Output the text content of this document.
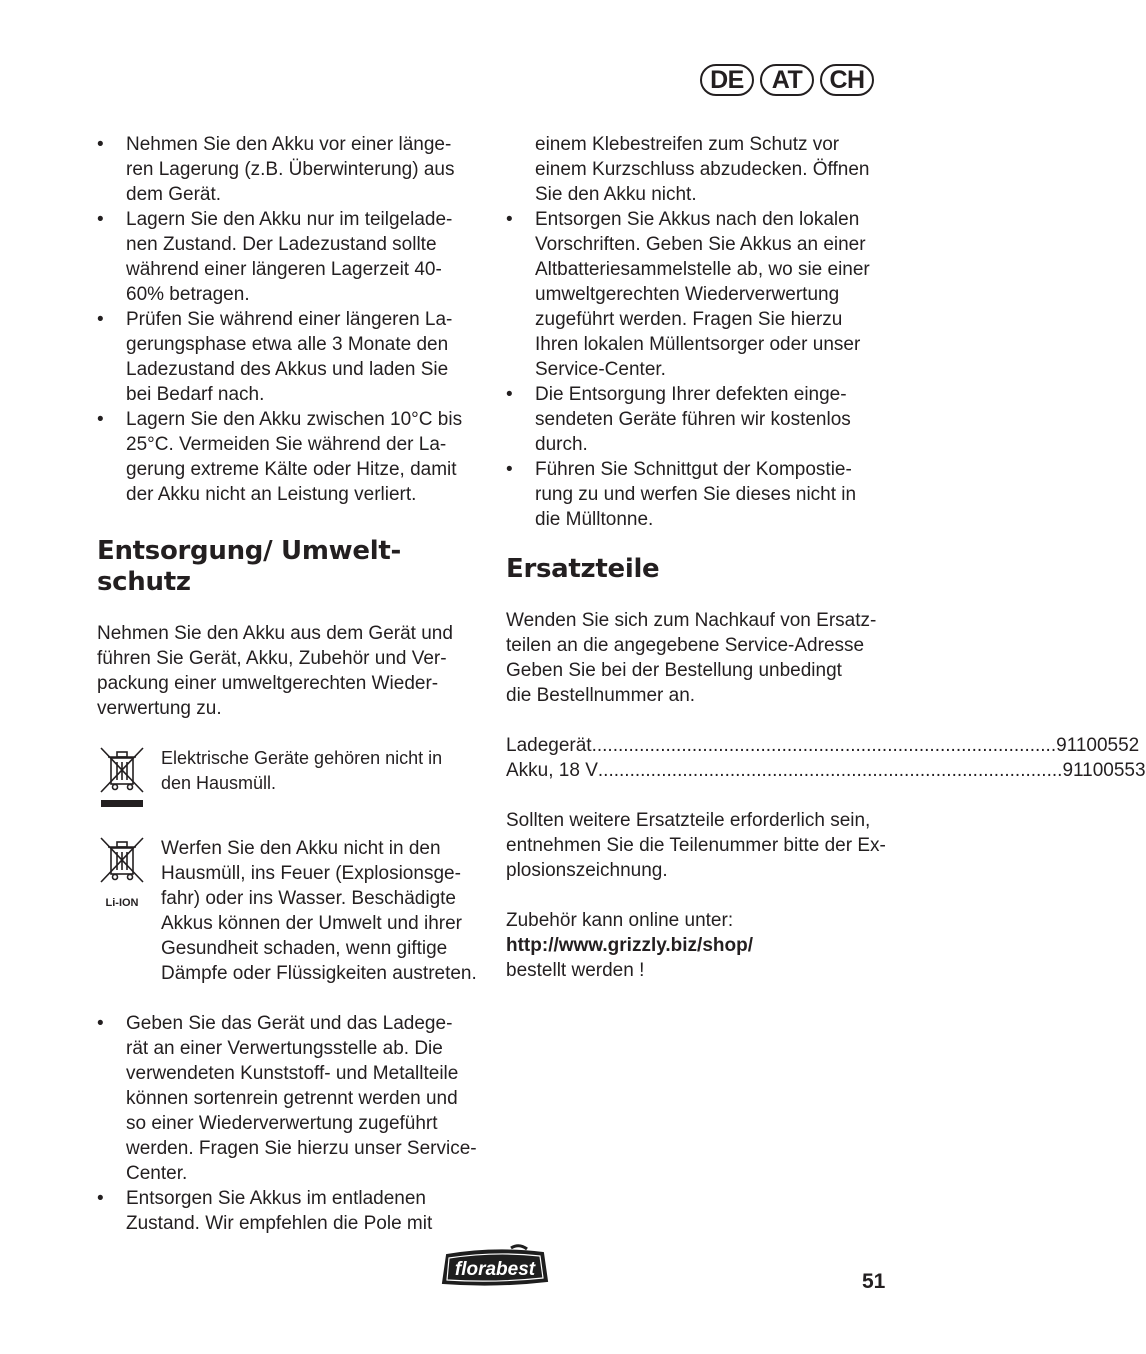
DE	AT	CH
• Nehmen Sie den Akku vor einer länge-
ren Lagerung (z.B. Überwinterung) aus
dem Gerät.
• Lagern Sie den Akku nur im teilgelade-
nen Zustand. Der Ladezustand sollte
während einer längeren Lagerzeit 40-
60% betragen.
• Prüfen Sie während einer längeren La-
gerungsphase etwa alle 3 Monate den
Ladezustand des Akkus und laden Sie
bei Bedarf nach.
• Lagern Sie den Akku zwischen 10°C bis
25°C. Vermeiden Sie während der La-
gerung extreme Kälte oder Hitze, damit
der Akku nicht an Leistung verliert.
Entsorgung/ Umwelt-
schutz

Nehmen Sie den Akku aus dem Gerät und
führen Sie Gerät, Akku, Zubehör und Ver-
packung einer umweltgerechten Wieder-
verwertung zu.

Elektrische Geräte gehören nicht in
den Hausmüll.
Li-ION
Werfen Sie den Akku nicht in den
Hausmüll, ins Feuer (Explosionsge-
fahr) oder ins Wasser. Beschädigte
Akkus können der Umwelt und ihrer
Gesundheit schaden, wenn giftige
Dämpfe oder Flüssigkeiten austreten.
• Geben Sie das Gerät und das Ladege-
rät an einer Verwertungsstelle ab. Die
verwendeten Kunststoff- und Metallteile
können sortenrein getrennt werden und
so einer Wiederverwertung zugeführt
werden. Fragen Sie hierzu unser Service-
Center.
• Entsorgen Sie Akkus im entladenen
Zustand. Wir empfehlen die Pole mit

einem Klebestreifen zum Schutz vor
einem Kurzschluss abzudecken. Öffnen
Sie den Akku nicht.

• Entsorgen Sie Akkus nach den lokalen
Vorschriften. Geben Sie Akkus an einer
Altbatteriesammelstelle ab, wo sie einer
umweltgerechten Wiederverwertung
zugeführt werden. Fragen Sie hierzu
Ihren lokalen Müllentsorger oder unser
Service-Center.
• Die Entsorgung Ihrer defekten einge-
sendeten Geräte führen wir kostenlos
durch.
• Führen Sie Schnittgut der Kompostie-
rung zu und werfen Sie dieses nicht in
die Mülltonne.
Ersatzteile

Wenden Sie sich zum Nachkauf von Ersatz-
teilen an die angegebene Service-Adresse
Geben Sie bei der Bestellung unbedingt
die Bestellnummer an.

Ladegerät ........................................................................................ 91100552
Akku, 18 V ........................................................................................ 91100553

Sollten weitere Ersatzteile erforderlich sein,
entnehmen Sie die Teilenummer bitte der Ex-
plosionszeichnung.

Zubehör kann online unter:
http://www.grizzly.biz/shop/
bestellt werden !
florabest
51
